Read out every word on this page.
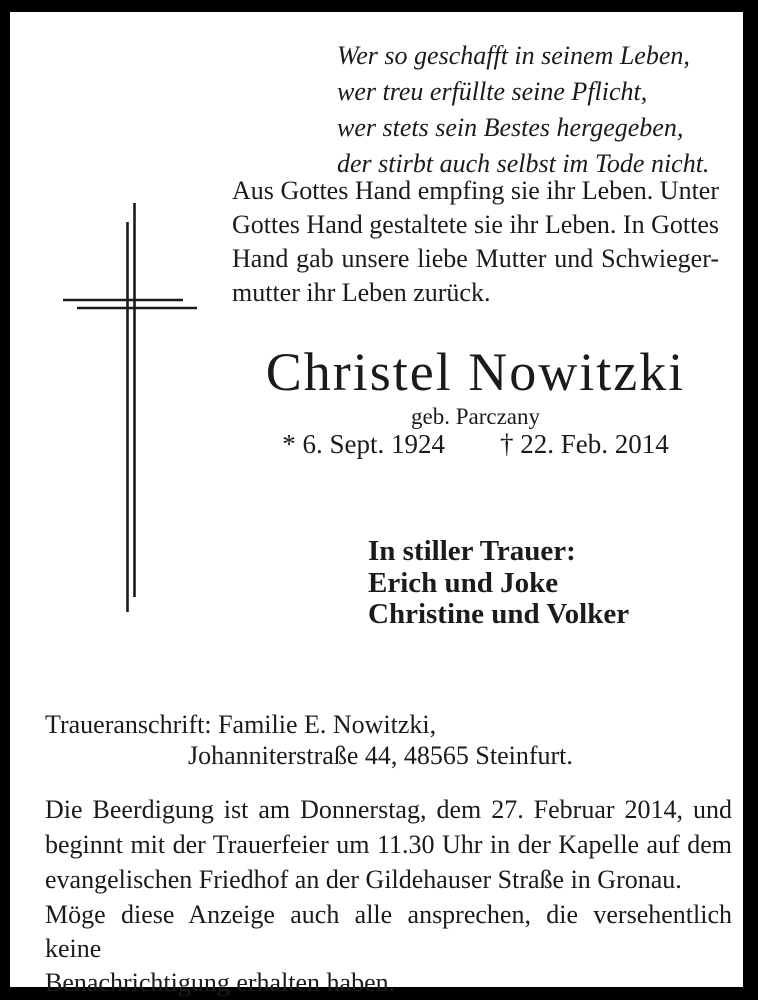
Wer so geschafft in seinem Leben,
wer treu erfüllte seine Pflicht,
wer stets sein Bestes hergegeben,
der stirbt auch selbst im Tode nicht.
Aus Gottes Hand empfing sie ihr Leben. Unter
Gottes Hand gestaltete sie ihr Leben. In Gottes
Hand gab unsere liebe Mutter und Schwieger-
mutter ihr Leben zurück.
Christel Nowitzki
geb. Parczany
* 6. Sept. 1924 † 22. Feb. 2014
In stiller Trauer:
Erich und Joke
Christine und Volker
Traueranschrift: Familie E. Nowitzki,
Johanniterstraße 44, 48565 Steinfurt.
Die Beerdigung ist am Donnerstag, dem 27. Februar 2014, und
beginnt mit der Trauerfeier um 11.30 Uhr in der Kapelle auf dem
evangelischen Friedhof an der Gildehauser Straße in Gronau.
Möge diese Anzeige auch alle ansprechen, die versehentlich keine
Benachrichtigung erhalten haben.
